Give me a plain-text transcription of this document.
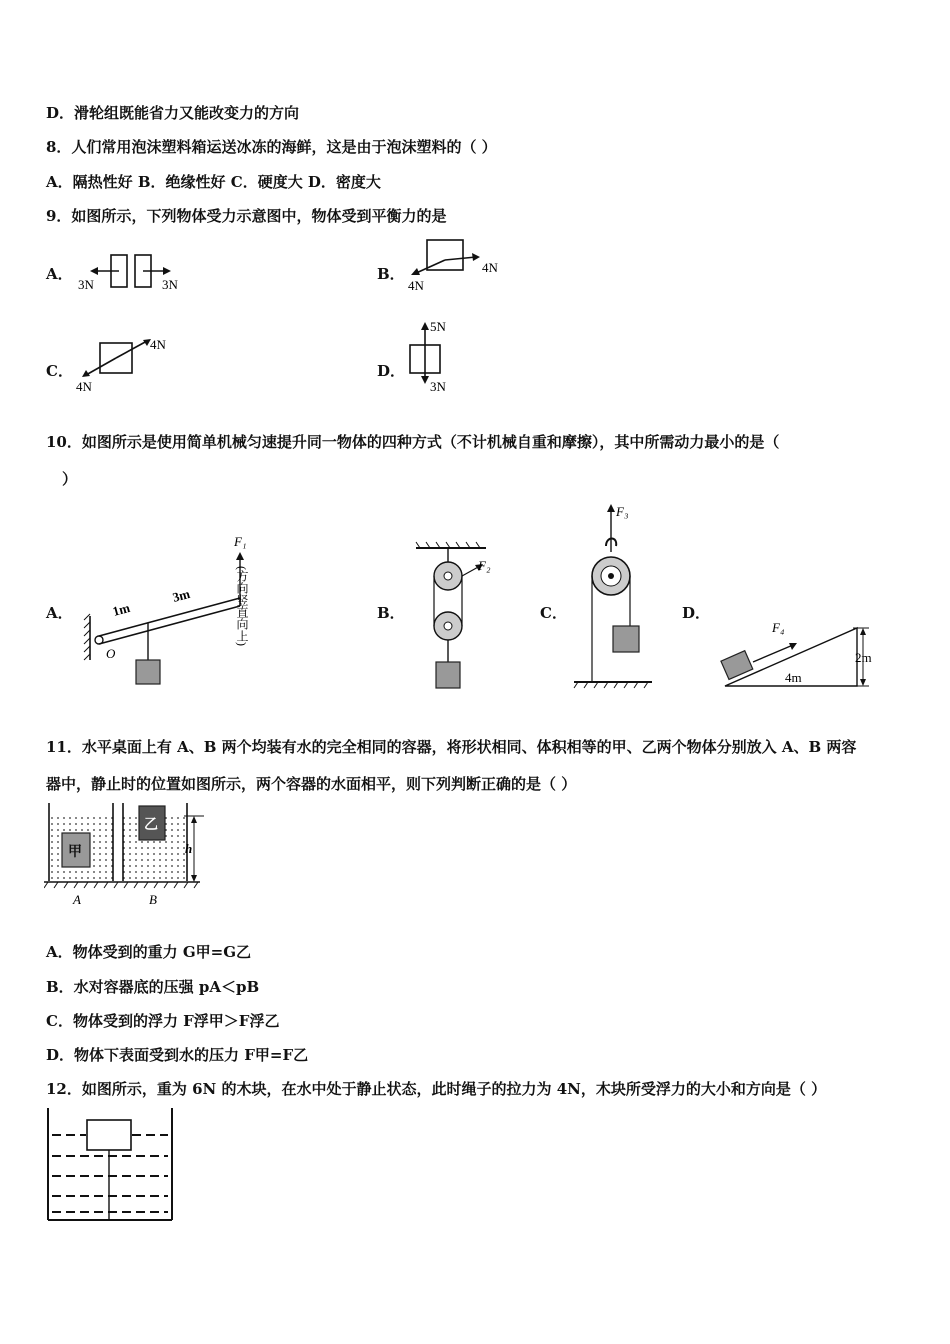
D．滑轮组既能省力又能改变力的方向
8．人们常用泡沫塑料箱运送冰冻的海鲜，这是由于泡沫塑料的（ ）
A．隔热性好 B．绝缘性好 C．硬度大 D．密度大
9．如图所示，下列物体受力示意图中，物体受到平衡力的是
A．
3N	3N
B．	4N
4N
C．
4N
4N
D．
5N
3N
10．如图所示是使用简单机械匀速提升同一物体的四种方式（不计机械自重和摩擦），其中所需动力最小的是（
）
A．
O
1m
3m
F₁
(方向竖直向上)	B．
F₂
C．
F₃
D．
F₄
4m
2m
11．水平桌面上有 A、B 两个均装有水的完全相同的容器，将形状相同、体积相等的甲、乙两个物体分别放入 A、B 两容
器中，静止时的位置如图所示，两个容器的水面相平，则下列判断正确的是（ ）
甲
乙
h
A	B
A．物体受到的重力 G甲=G乙
B．水对容器底的压强 pA＜pB
C．物体受到的浮力 F浮甲＞F浮乙
D．物体下表面受到水的压力 F甲=F乙
12．如图所示，重为 6N 的木块，在水中处于静止状态，此时绳子的拉力为 4N，木块所受浮力的大小和方向是（ ）
